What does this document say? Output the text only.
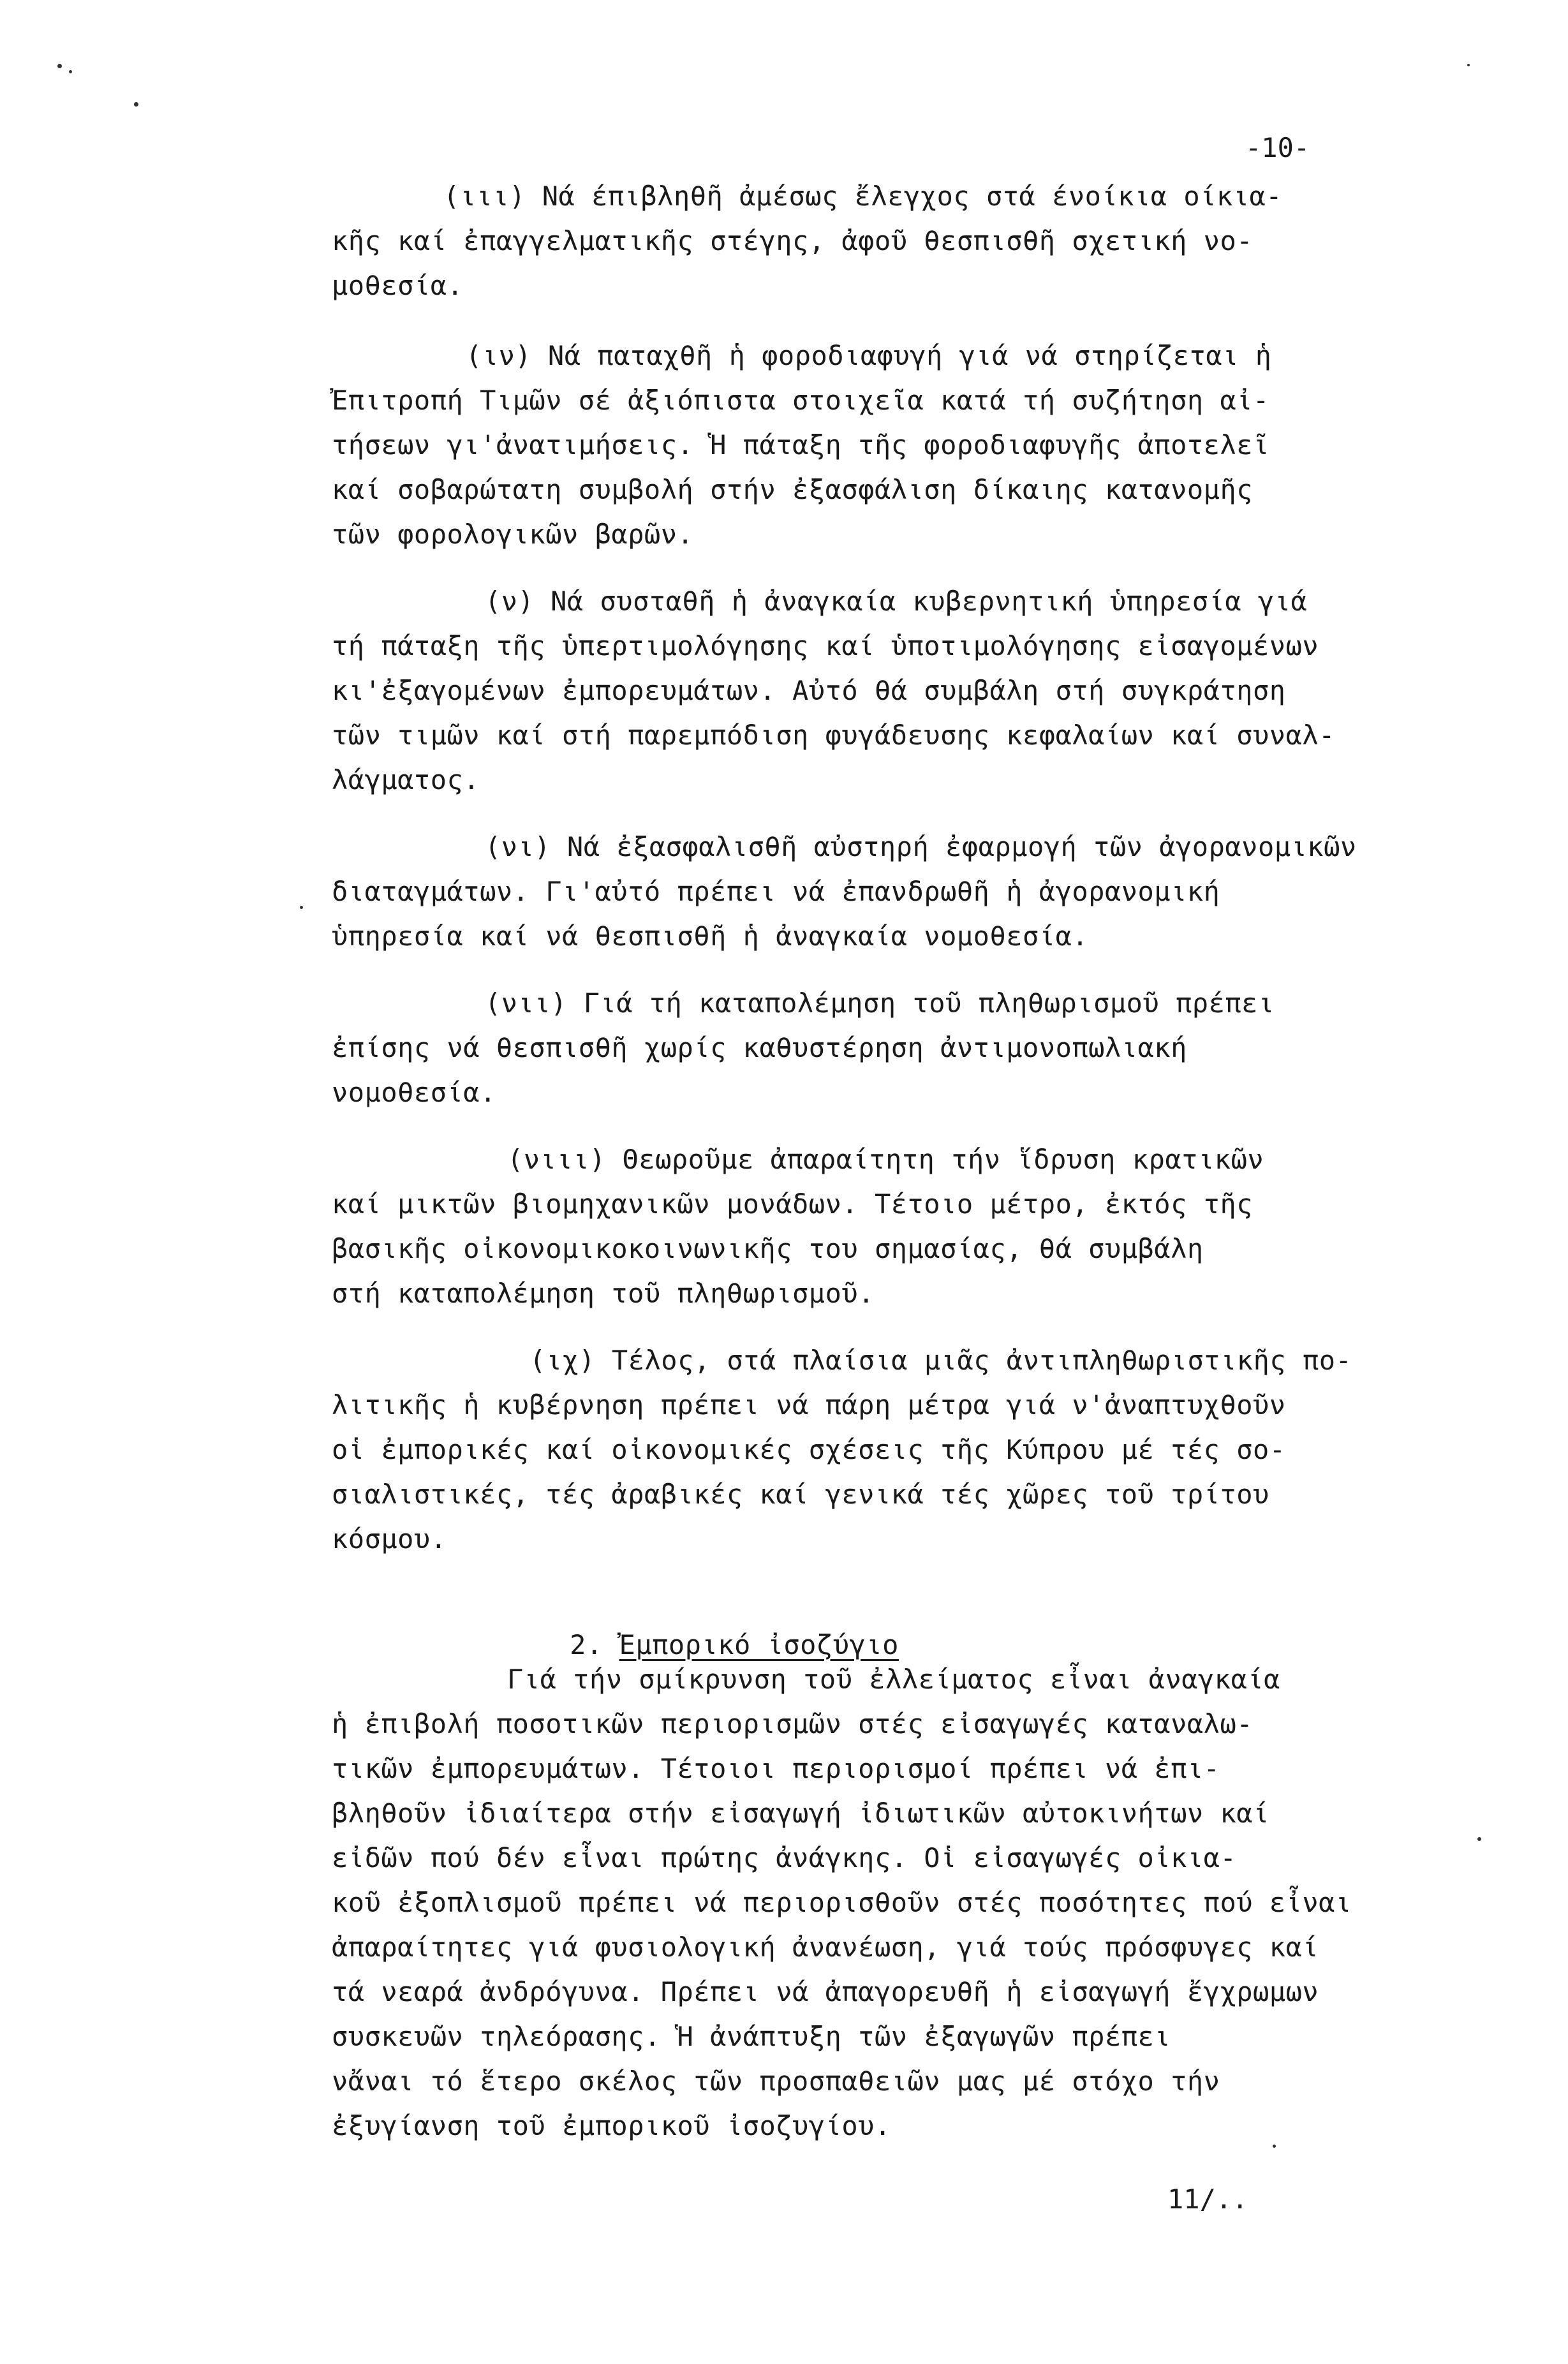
-10-
(ιιι) Νά έπιβληθῆ ἀμέσως ἔλεγχος στά ένοίκια οίκια-
κῆς καί ἐπαγγελματικῆς στέγης, ἀφοῦ θεσπισθῆ σχετική νο-
μοθεσία.
(ιν) Νά παταχθῆ ἡ φοροδιαφυγή γιά νά στηρίζεται ἡ
Ἐπιτροπή Τιμῶν σέ ἀξιόπιστα στοιχεῖα κατά τή συζήτηση αἰ-
τήσεων γι'ἀνατιμήσεις. Ἡ πάταξη τῆς φοροδιαφυγῆς ἀποτελεῖ
καί σοβαρώτατη συμβολή στήν ἐξασφάλιση δίκαιης κατανομῆς
τῶν φορολογικῶν βαρῶν.
(ν) Νά συσταθῆ ἡ ἀναγκαία κυβερνητική ὑπηρεσία γιά
τή πάταξη τῆς ὑπερτιμολόγησης καί ὑποτιμολόγησης εἰσαγομένων
κι'ἐξαγομένων ἐμπορευμάτων. Αὐτό θά συμβάλη στή συγκράτηση
τῶν τιμῶν καί στή παρεμπόδιση φυγάδευσης κεφαλαίων καί συναλ-
λάγματος.
(νι) Νά ἐξασφαλισθῆ αὐστηρή ἐφαρμογή τῶν ἀγορανομικῶν
διαταγμάτων. Γι'αὐτό πρέπει νά ἐπανδρωθῆ ἡ ἀγορανομική
ὑπηρεσία καί νά θεσπισθῆ ἡ ἀναγκαία νομοθεσία.
(νιι) Γιά τή καταπολέμηση τοῦ πληθωρισμοῦ πρέπει
ἐπίσης νά θεσπισθῆ χωρίς καθυστέρηση ἀντιμονοπωλιακή
νομοθεσία.
(νιιι) Θεωροῦμε ἀπαραίτητη τήν ἵδρυση κρατικῶν
καί μικτῶν βιομηχανικῶν μονάδων. Τέτοιο μέτρο, ἐκτός τῆς
βασικῆς οἰκονομικοκοινωνικῆς του σημασίας, θά συμβάλη
στή καταπολέμηση τοῦ πληθωρισμοῦ.
(ιχ) Τέλος, στά πλαίσια μιᾶς ἀντιπληθωριστικῆς πο-
λιτικῆς ἡ κυβέρνηση πρέπει νά πάρη μέτρα γιά ν'ἀναπτυχθοῦν
οἱ ἐμπορικές καί οἰκονομικές σχέσεις τῆς Κύπρου μέ τές σο-
σιαλιστικές, τές ἀραβικές καί γενικά τές χῶρες τοῦ τρίτου
κόσμου.

2. Ἐμπορικό ἰσοζύγιο

Γιά τήν σμίκρυνση τοῦ ἐλλείματος εἶναι ἀναγκαία
ἡ ἐπιβολή ποσοτικῶν περιορισμῶν στές εἰσαγωγές καταναλω-
τικῶν ἐμπορευμάτων. Τέτοιοι περιορισμοί πρέπει νά ἐπι-
βληθοῦν ἰδιαίτερα στήν εἰσαγωγή ἰδιωτικῶν αὐτοκινήτων καί
εἰδῶν πού δέν εἶναι πρώτης ἀνάγκης. Οἱ εἰσαγωγές οἰκια-
κοῦ ἐξοπλισμοῦ πρέπει νά περιορισθοῦν στές ποσότητες πού εἶναι
ἀπαραίτητες γιά φυσιολογική ἀνανέωση, γιά τούς πρόσφυγες καί
τά νεαρά ἀνδρόγυνα. Πρέπει νά ἀπαγορευθῆ ἡ εἰσαγωγή ἔγχρωμων
συσκευῶν τηλεόρασης. Ἡ ἀνάπτυξη τῶν ἐξαγωγῶν πρέπει
νἄναι τό ἕτερο σκέλος τῶν προσπαθειῶν μας μέ στόχο τήν
ἐξυγίανση τοῦ ἐμπορικοῦ ἰσοζυγίου.
11/..
